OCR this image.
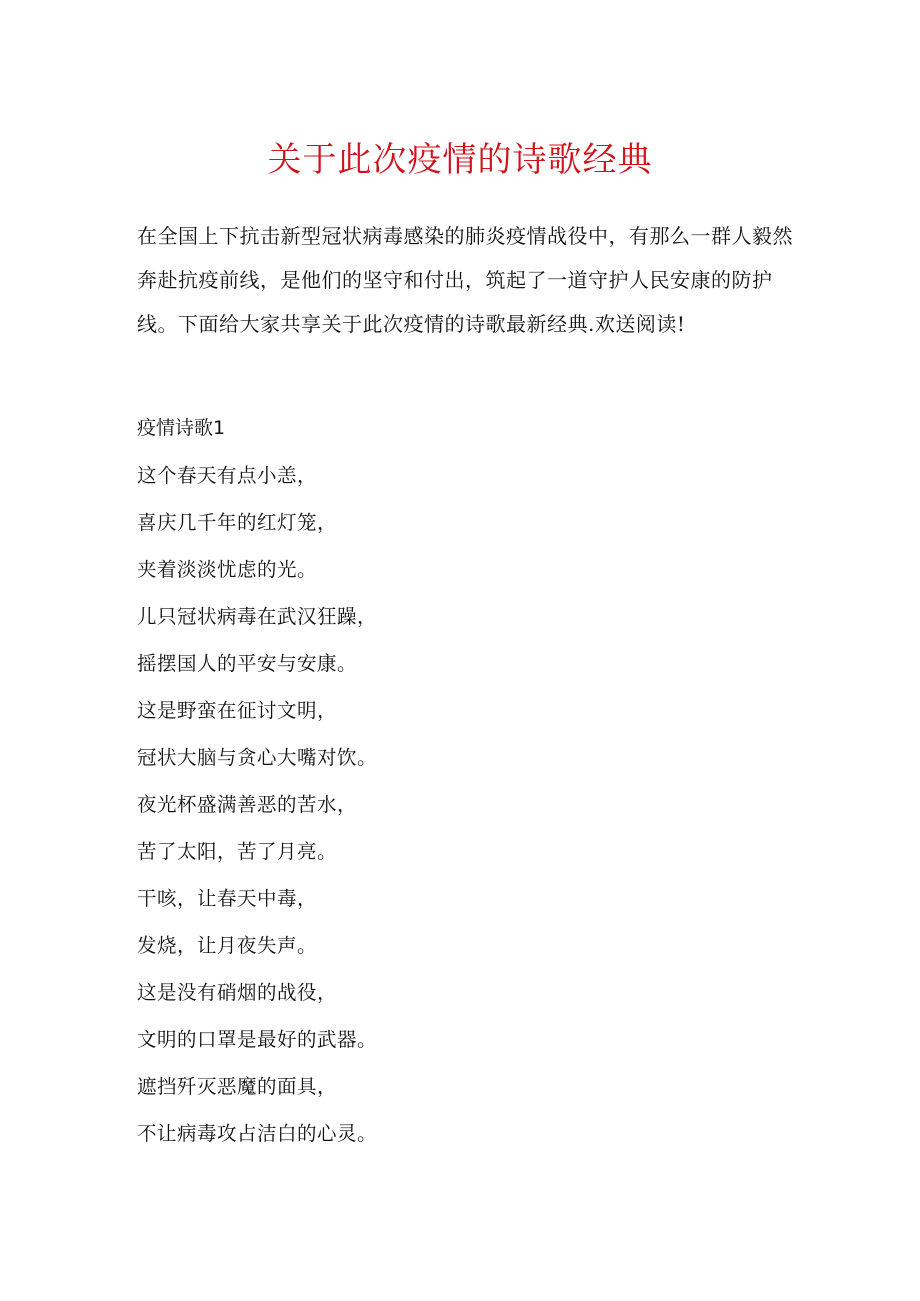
关于此次疫情的诗歌经典

在全国上下抗击新型冠状病毒感染的肺炎疫情战役中，有那么一群人毅然
奔赴抗疫前线，是他们的坚守和付出，筑起了一道守护人民安康的防护
线。下面给大家共享关于此次疫情的诗歌最新经典.欢送阅读!

疫情诗歌1
这个春天有点小恙，
喜庆几千年的红灯笼，
夹着淡淡忧虑的光。
儿只冠状病毒在武汉狂躁，
摇摆国人的平安与安康。
这是野蛮在征讨文明，
冠状大脑与贪心大嘴对饮。
夜光杯盛满善恶的苦水，
苦了太阳，苦了月亮。
干咳，让春天中毒，
发烧，让月夜失声。
这是没有硝烟的战役，
文明的口罩是最好的武器。
遮挡歼灭恶魔的面具，
不让病毒攻占洁白的心灵。
